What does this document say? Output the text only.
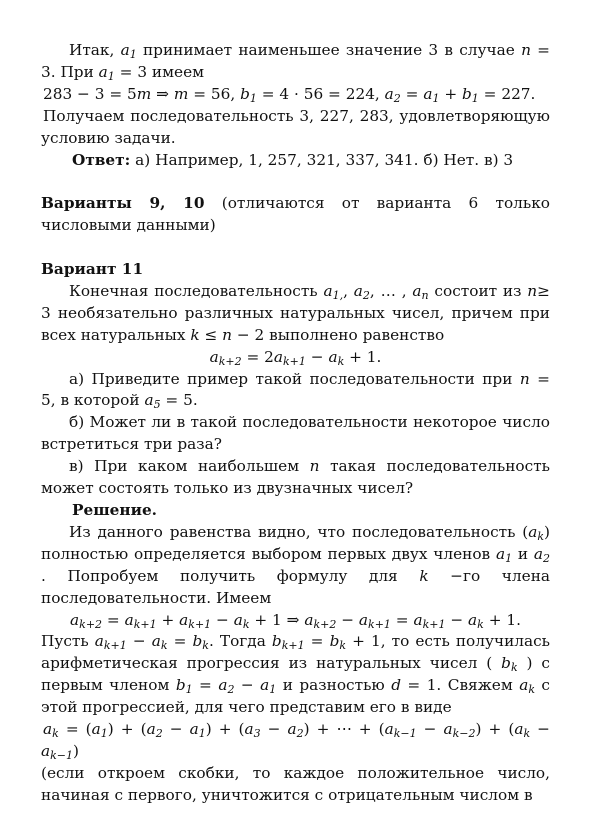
Итак, $a_1$ принимает наименьшее значение 3 в случае n = 3. При $a_1 = 3$ имеем

283 − 3 = 5m ⇒ m = 56, $b_1 = 4 \cdot 56 = 224$, $a_2 = a_1 + b_1 = 227$.

Получаем последовательность 3, 227, 283, удовлетворяющую условию задачи.

Ответ: а) Например, 1, 257, 321, 337, 341. б) Нет. в) 3

Варианты 9, 10 (отличаются от варианта 6 только числовыми данными)

Вариант 11

Конечная последовательность $a_{1,}$, $a_2$, … , $a_n$ состоит из n≥ 3 необязательно различных натуральных чисел, причем при всех натуральных k ≤ n − 2 выполнено равенство

$a_{k+2} = 2a_{k+1} - a_k + 1$.

а) Приведите пример такой последовательности при n = 5, в которой $a_5 = 5$.

б) Может ли в такой последовательности некоторое число встретиться три раза?

в) При каком наибольшем n такая последовательность может состоять только из двузначных чисел?

Решение.

Из данного равенства видно, что последовательность $(a_k)$ полностью определяется выбором первых двух членов $a_1$ и $a_2$ . Попробуем получить формулу для k −го члена последовательности. Имеем

$a_{k+2} = a_{k+1} + a_{k+1} - a_k + 1$ ⇒ $a_{k+2} - a_{k+1} = a_{k+1} - a_k + 1$.

Пусть $a_{k+1} - a_k = b_k$. Тогда $b_{k+1} = b_k + 1$, то есть получилась арифметическая прогрессия из натуральных чисел ( $b_k$ ) с первым членом $b_1 = a_2 - a_1$ и разностью d = 1. Свяжем $a_k$ с этой прогрессией, для чего представим его в виде

$a_k = (a_1) + (a_2 - a_1) + (a_3 - a_2)$ + ⋯ + $(a_{k-1} - a_{k-2}) + (a_k - a_{k-1})$

(если откроем скобки, то каждое положительное число, начиная с первого, уничтожится с отрицательным числом в
